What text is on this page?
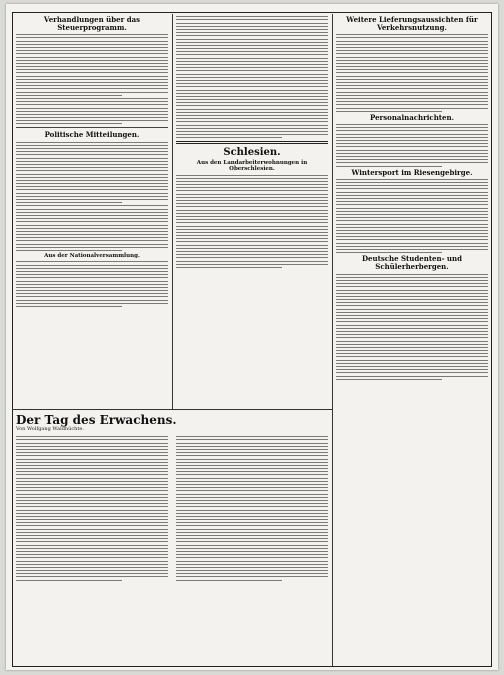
Verhandlungen über das Steuerprogramm.
Politische Mitteilungen.
Aus der Nationalversammlung.
Schlesien.
Aus den Landarbeiterwohnungen in Oberschlesien.
Weitere Lieferungsaussichten für Verkehrsnutzung.
Personalnachrichten.
Wintersport im Riesengebirge.
Deutsche Studenten- und Schülerherbergen.
Der Tag des Erwachens.
Von Wolfgang Waldhüchte.
